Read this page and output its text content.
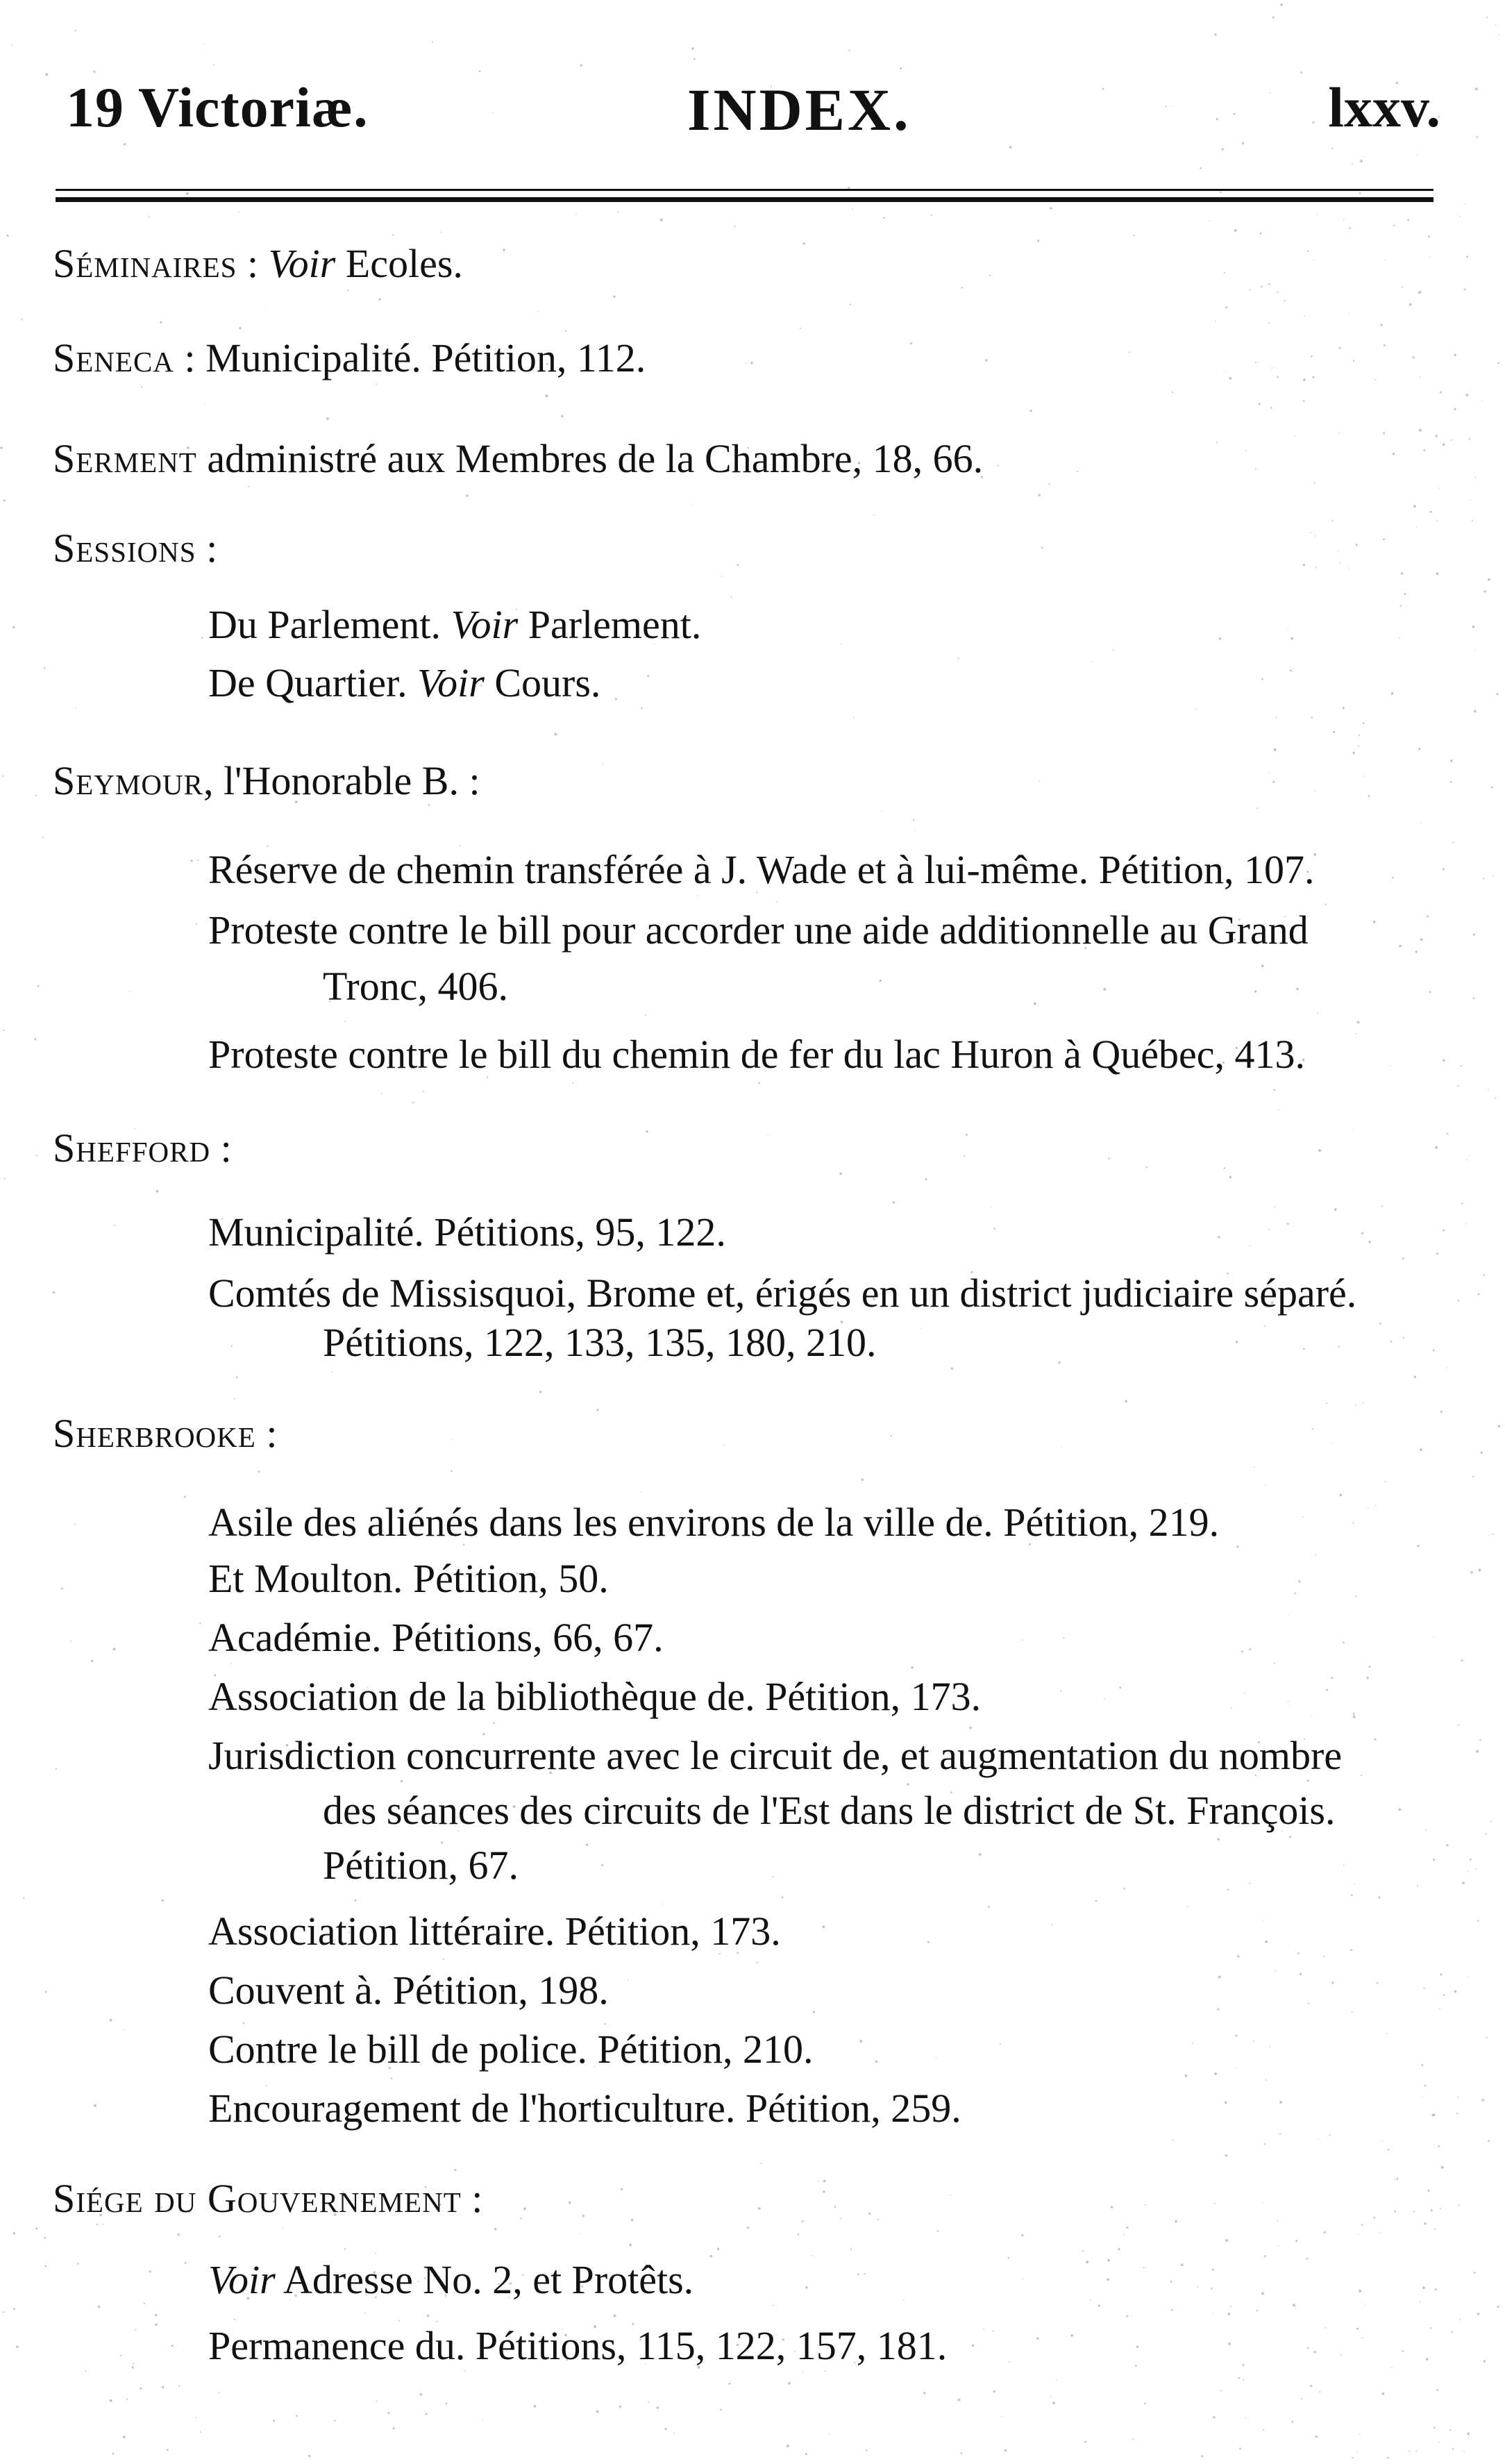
19 Victoriæ.	INDEX.	lxxv.
Séminaires : Voir Ecoles.
Seneca : Municipalité. Pétition, 112.
Serment administré aux Membres de la Chambre, 18, 66.
Sessions :
Du Parlement. Voir Parlement.
De Quartier. Voir Cours.
Seymour, l'Honorable B. :
Réserve de chemin transférée à J. Wade et à lui-même. Pétition, 107.
Proteste contre le bill pour accorder une aide additionnelle au Grand
Tronc, 406.
Proteste contre le bill du chemin de fer du lac Huron à Québec, 413.
Shefford :
Municipalité. Pétitions, 95, 122.
Comtés de Missisquoi, Brome et, érigés en un district judiciaire séparé.
Pétitions, 122, 133, 135, 180, 210.
Sherbrooke :
Asile des aliénés dans les environs de la ville de. Pétition, 219.
Et Moulton. Pétition, 50.
Académie. Pétitions, 66, 67.
Association de la bibliothèque de. Pétition, 173.
Jurisdiction concurrente avec le circuit de, et augmentation du nombre
des séances des circuits de l'Est dans le district de St. François.
Pétition, 67.
Association littéraire. Pétition, 173.
Couvent à. Pétition, 198.
Contre le bill de police. Pétition, 210.
Encouragement de l'horticulture. Pétition, 259.
Siége du Gouvernement :
Voir Adresse No. 2, et Protêts.
Permanence du. Pétitions, 115, 122, 157, 181.
